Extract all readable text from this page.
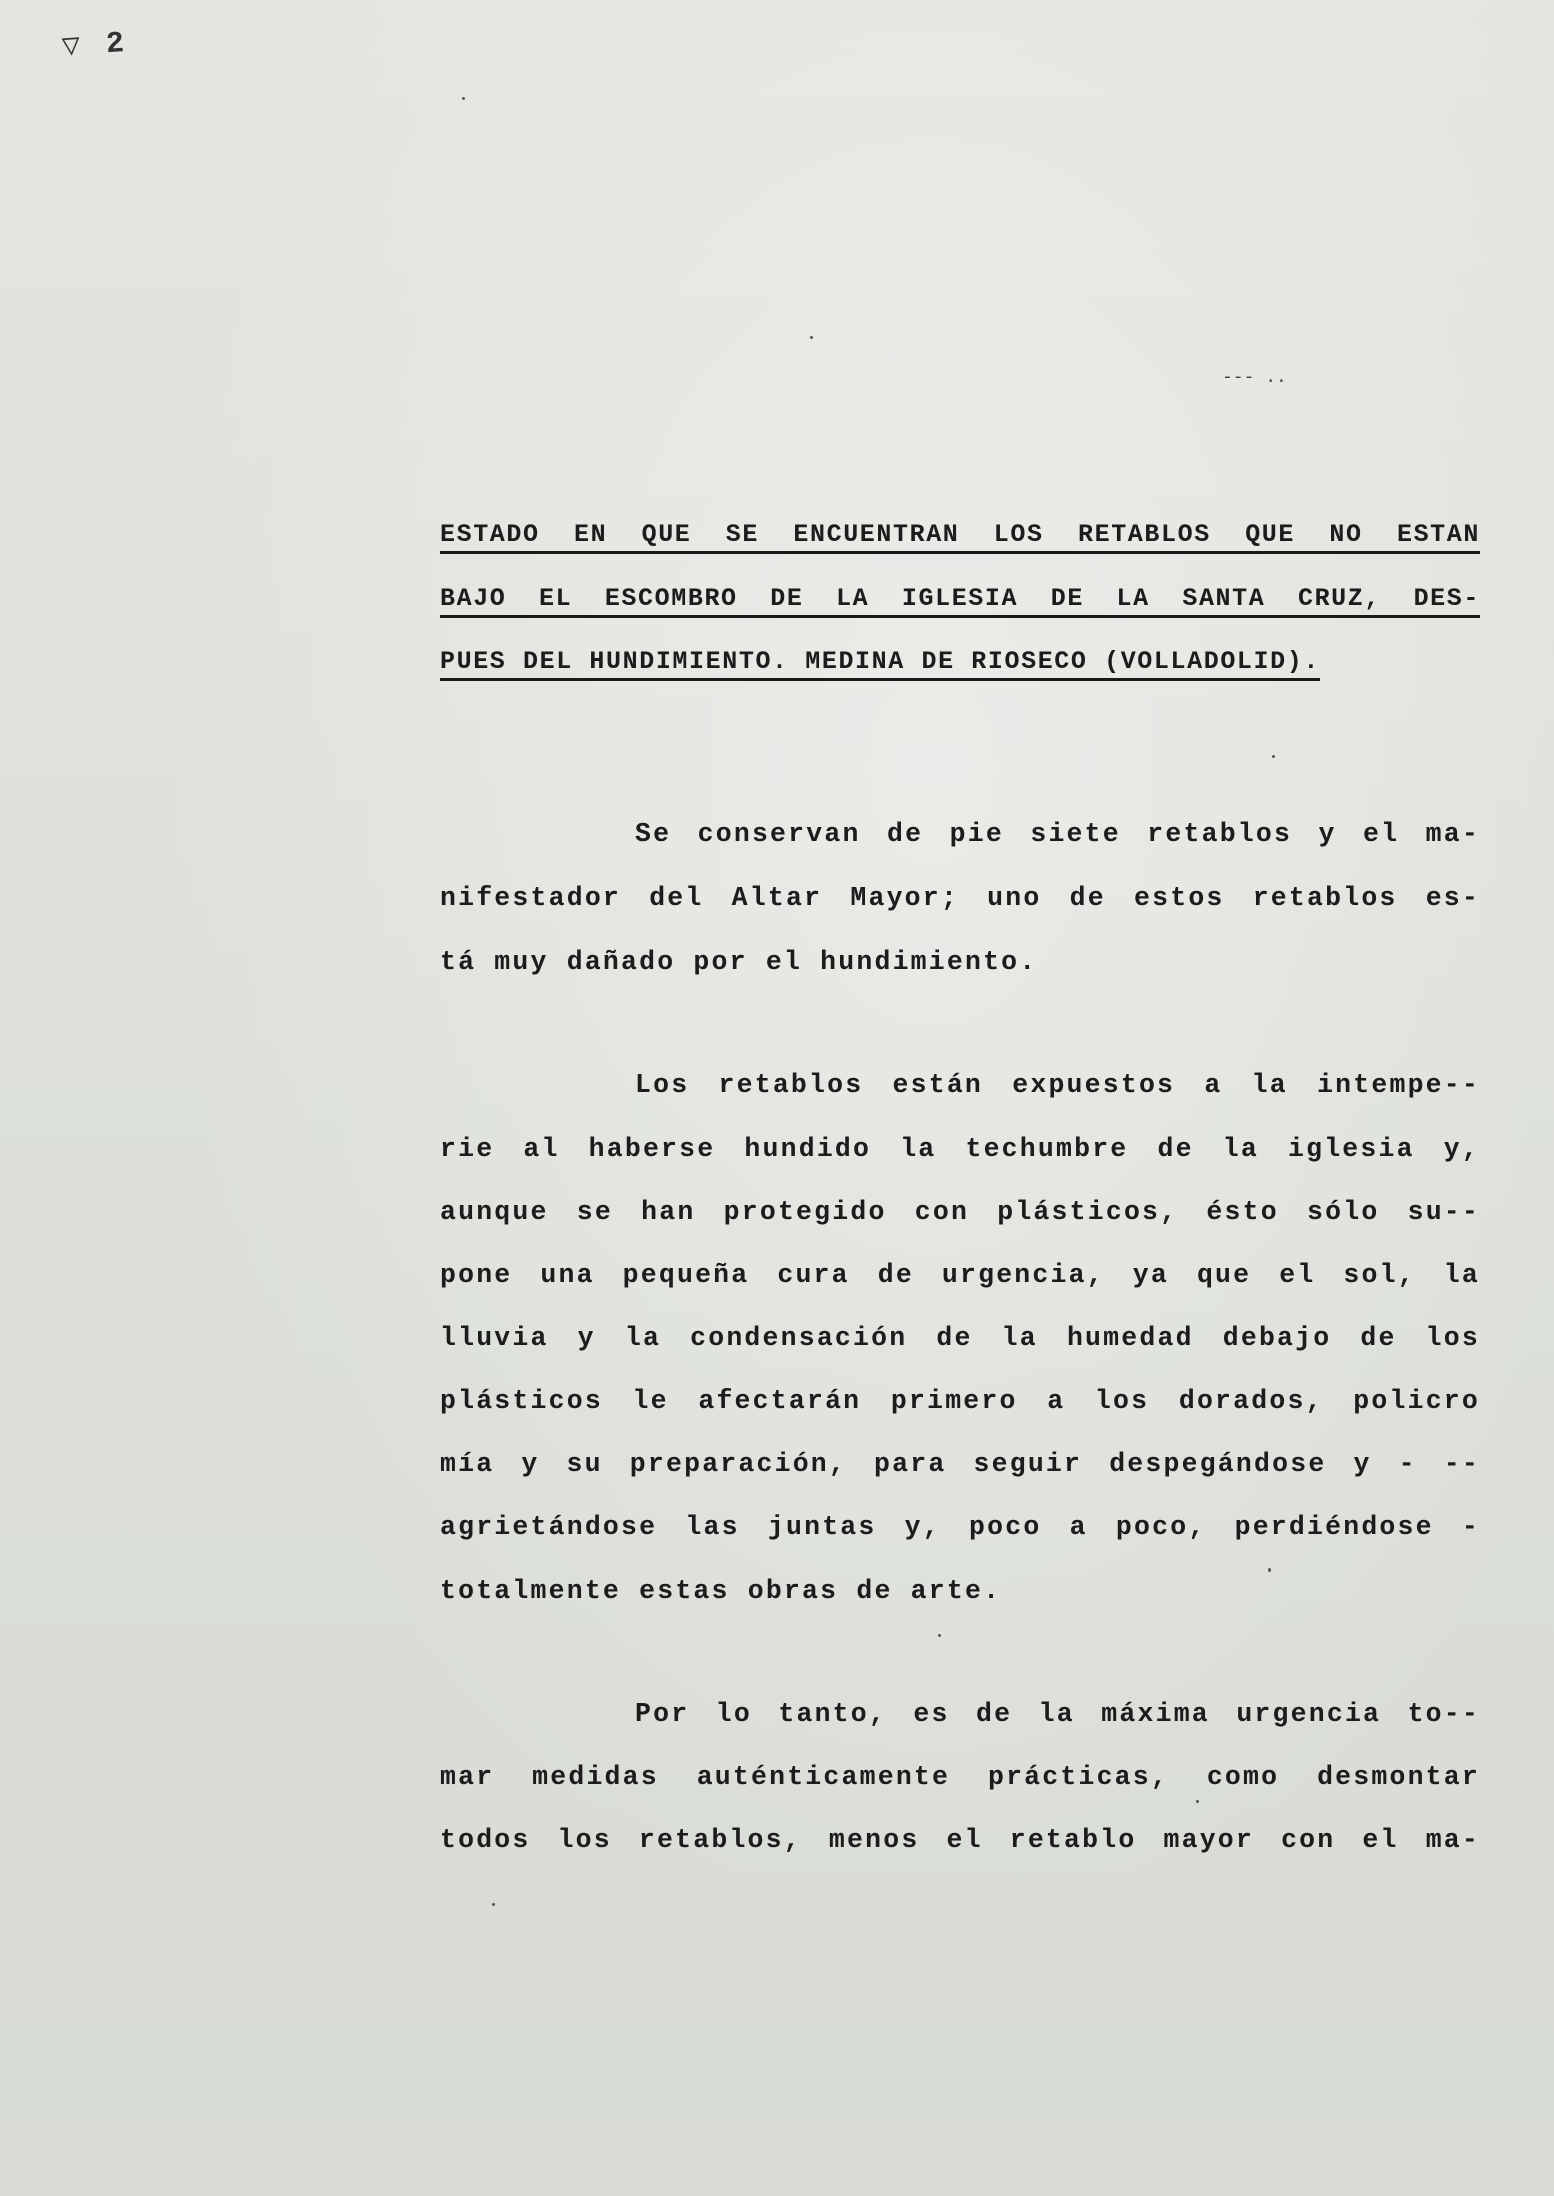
▽ 2
--- ..
ESTADO EN QUE SE ENCUENTRAN LOS RETABLOS QUE NO ESTAN
BAJO EL ESCOMBRO DE LA IGLESIA DE LA SANTA CRUZ, DES-
PUES DEL HUNDIMIENTO. MEDINA DE RIOSECO (VOLLADOLID).
Se conservan de pie siete retablos y el ma-
nifestador del Altar Mayor; uno de estos retablos es-
tá muy dañado por el hundimiento.
Los retablos están expuestos a la intempe--
rie al haberse hundido la techumbre de la iglesia y,
aunque se han protegido con plásticos, ésto sólo su--
pone una pequeña cura de urgencia, ya que el sol, la
lluvia y la condensación de la humedad debajo de los
plásticos le afectarán primero a los dorados, policro
mía y su preparación, para seguir despegándose y - --
agrietándose las juntas y, poco a poco, perdiéndose -
totalmente estas obras de arte.
Por lo tanto, es de la máxima urgencia to--
mar medidas auténticamente prácticas, como desmontar
todos los retablos, menos el retablo mayor con el ma-
